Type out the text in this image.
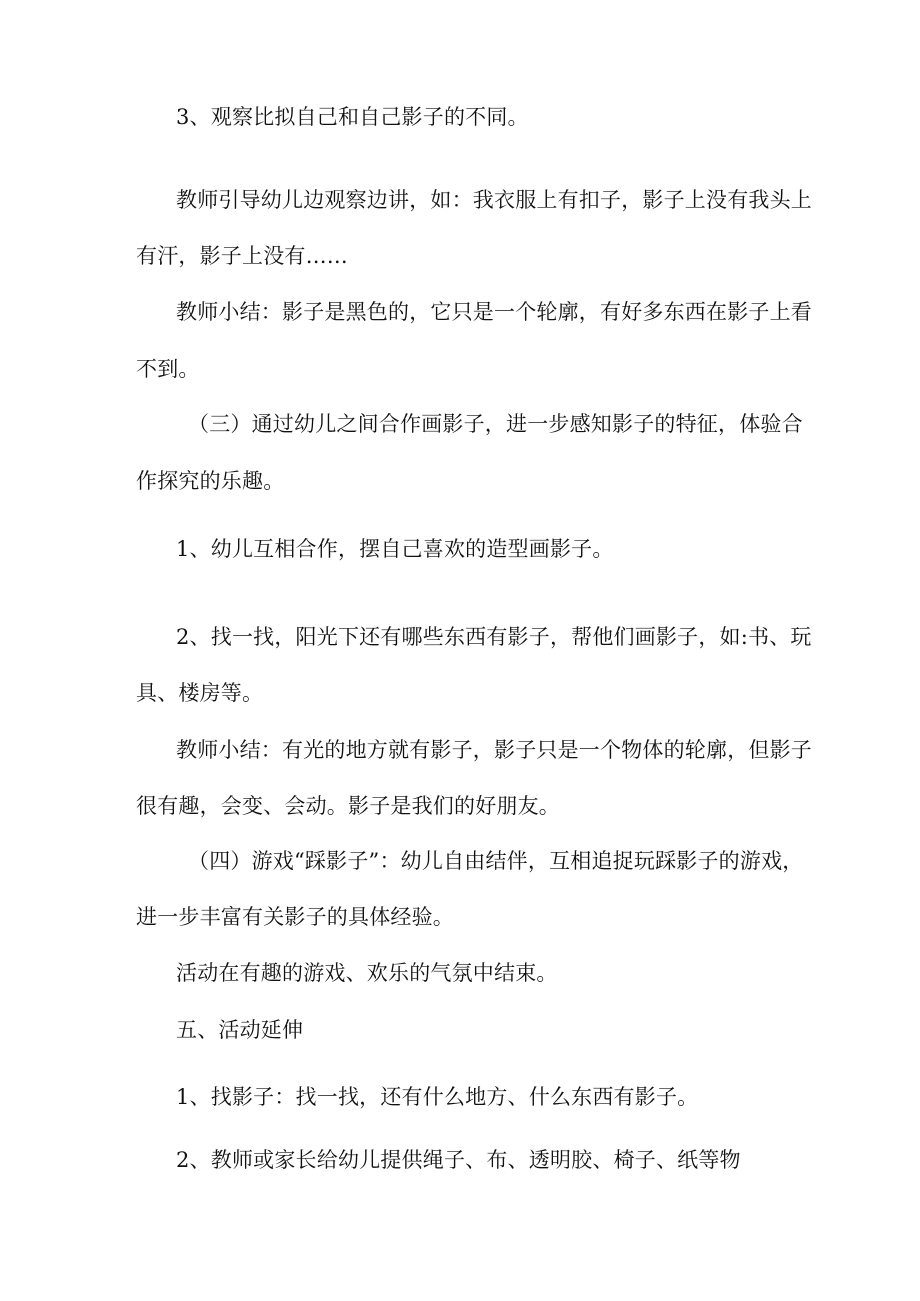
3、观察比拟自己和自己影子的不同。
教师引导幼儿边观察边讲，如：我衣服上有扣子，影子上没有我头上
有汗，影子上没有……
教师小结：影子是黑色的，它只是一个轮廓，有好多东西在影子上看
不到。
（三）通过幼儿之间合作画影子，进一步感知影子的特征，体验合
作探究的乐趣。
1、幼儿互相合作，摆自己喜欢的造型画影子。
2、找一找，阳光下还有哪些东西有影子，帮他们画影子，如:书、玩
具、楼房等。
教师小结：有光的地方就有影子，影子只是一个物体的轮廓，但影子
很有趣，会变、会动。影子是我们的好朋友。
（四）游戏“踩影子”：幼儿自由结伴，互相追捉玩踩影子的游戏，
进一步丰富有关影子的具体经验。
活动在有趣的游戏、欢乐的气氛中结束。
五、活动延伸
1、找影子：找一找，还有什么地方、什么东西有影子。
2、教师或家长给幼儿提供绳子、布、透明胶、椅子、纸等物
